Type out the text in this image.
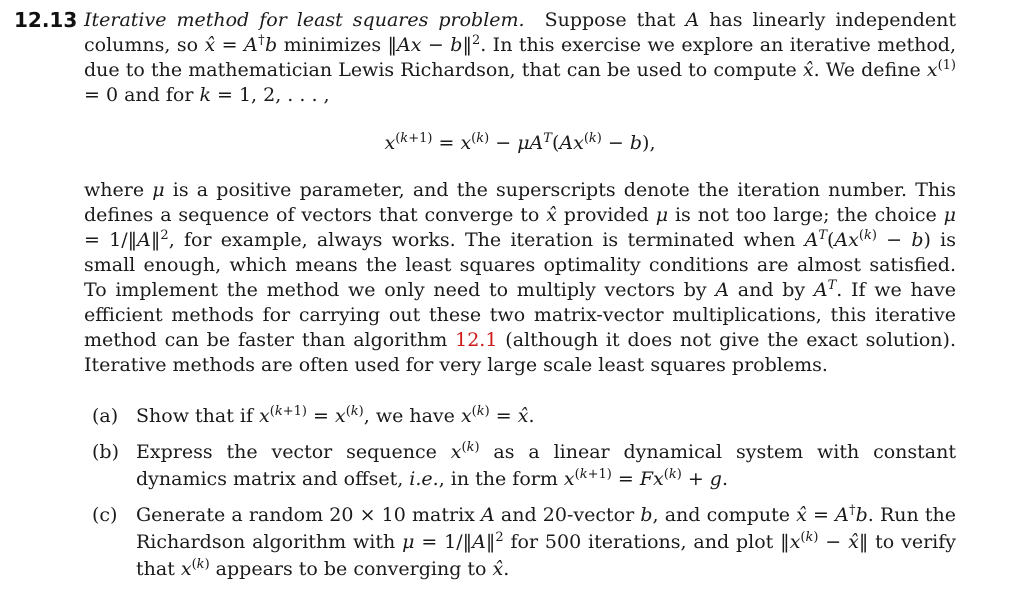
12.13 Iterative method for least squares problem.  Suppose that A has linearly independent columns, so x̂ = A†b minimizes ‖Ax − b‖$^2$. In this exercise we explore an iterative method, due to the mathematician Lewis Richardson, that can be used to compute x̂. We define $x^{(1)} = 0$ and for k = 1, 2, . . . ,

$x^{(k+1)} = x^{(k)} - \mu A^T(Ax^{(k)} - b)$,

where μ is a positive parameter, and the superscripts denote the iteration number. This defines a sequence of vectors that converge to x̂ provided μ is not too large; the choice μ = 1/‖A‖$^2$, for example, always works. The iteration is terminated when $A^T(Ax^{(k)} - b)$ is small enough, which means the least squares optimality conditions are almost satisfied. To implement the method we only need to multiply vectors by A and by $A^T$. If we have efficient methods for carrying out these two matrix-vector multiplications, this iterative method can be faster than algorithm 12.1 (although it does not give the exact solution). Iterative methods are often used for very large scale least squares problems.

(a) Show that if $x^{(k+1)} = x^{(k)}$, we have $x^{(k)}$ = x̂.
(b) Express the vector sequence $x^{(k)}$ as a linear dynamical system with constant dynamics matrix and offset, i.e., in the form $x^{(k+1)} = Fx^{(k)} + g$.
(c) Generate a random 20 × 10 matrix A and 20-vector b, and compute x̂ = A†b. Run the Richardson algorithm with μ = 1/‖A‖$^2$ for 500 iterations, and plot $‖x^{(k)}$ − x̂‖ to verify that $x^{(k)}$ appears to be converging to x̂.
